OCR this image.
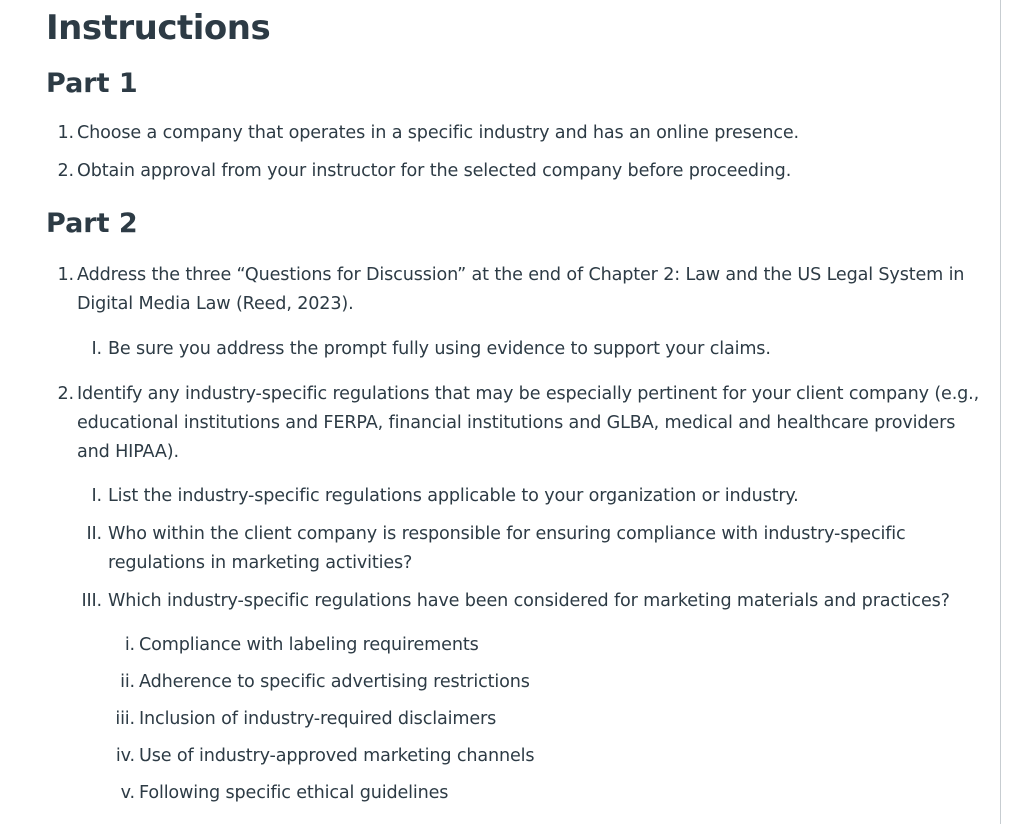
Instructions
Part 1
1. Choose a company that operates in a specific industry and has an online presence.
2. Obtain approval from your instructor for the selected company before proceeding.
Part 2
1. Address the three “Questions for Discussion” at the end of Chapter 2: Law and the US Legal System in
Digital Media Law (Reed, 2023).
I. Be sure you address the prompt fully using evidence to support your claims.
2. Identify any industry-specific regulations that may be especially pertinent for your client company (e.g.,
educational institutions and FERPA, financial institutions and GLBA, medical and healthcare providers
and HIPAA).
I. List the industry-specific regulations applicable to your organization or industry.
II. Who within the client company is responsible for ensuring compliance with industry-specific
regulations in marketing activities?
III. Which industry-specific regulations have been considered for marketing materials and practices?
i. Compliance with labeling requirements
ii. Adherence to specific advertising restrictions
iii. Inclusion of industry-required disclaimers
iv. Use of industry-approved marketing channels
v. Following specific ethical guidelines
